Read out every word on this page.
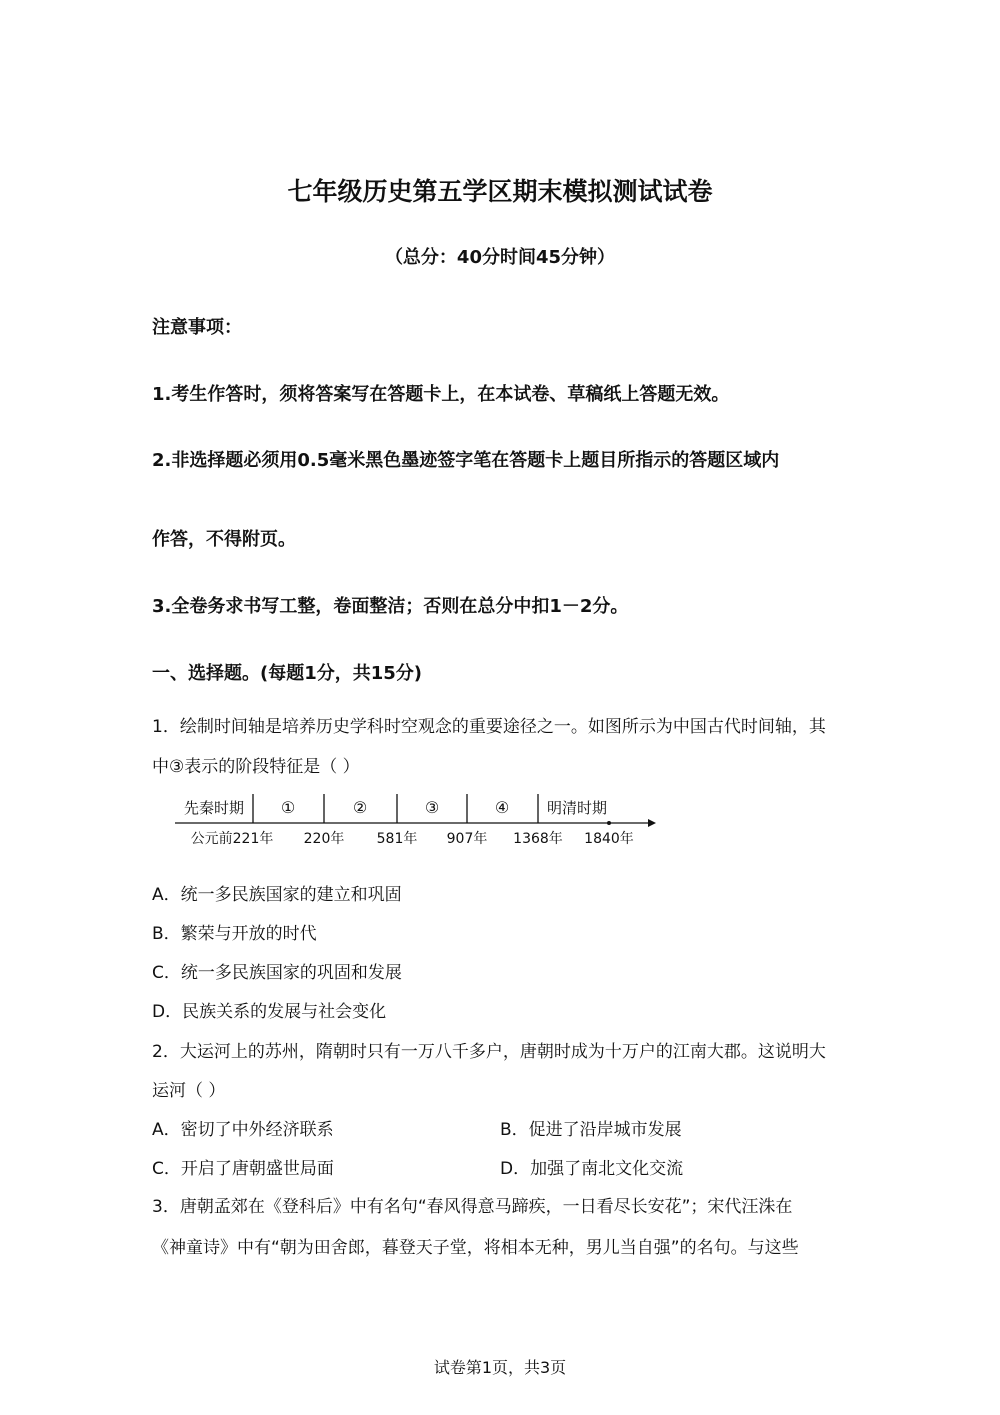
七年级历史第五学区期末模拟测试试卷
（总分：40分时间45分钟）
注意事项：
1.考生作答时，须将答案写在答题卡上，在本试卷、草稿纸上答题无效。
2.非选择题必须用0.5毫米黑色墨迹签字笔在答题卡上题目所指示的答题区域内
作答，不得附页。
3.全卷务求书写工整，卷面整洁；否则在总分中扣1－2分。
一、选择题。(每题1分，共15分)
1．绘制时间轴是培养历史学科时空观念的重要途径之一。如图所示为中国古代时间轴，其
中③表示的阶段特征是（ ）
先秦时期 ①	②	③	④	明清时期
公元前221年 220年 581年 907年 1368年 1840年
A．统一多民族国家的建立和巩固
B．繁荣与开放的时代
C．统一多民族国家的巩固和发展
D．民族关系的发展与社会变化
2．大运河上的苏州，隋朝时只有一万八千多户，唐朝时成为十万户的江南大郡。这说明大
运河（ ）
A．密切了中外经济联系	B．促进了沿岸城市发展
C．开启了唐朝盛世局面	D．加强了南北文化交流
3．唐朝孟郊在《登科后》中有名句“春风得意马蹄疾，一日看尽长安花”；宋代汪洙在
《神童诗》中有“朝为田舍郎，暮登天子堂，将相本无种，男儿当自强”的名句。与这些
试卷第1页，共3页
